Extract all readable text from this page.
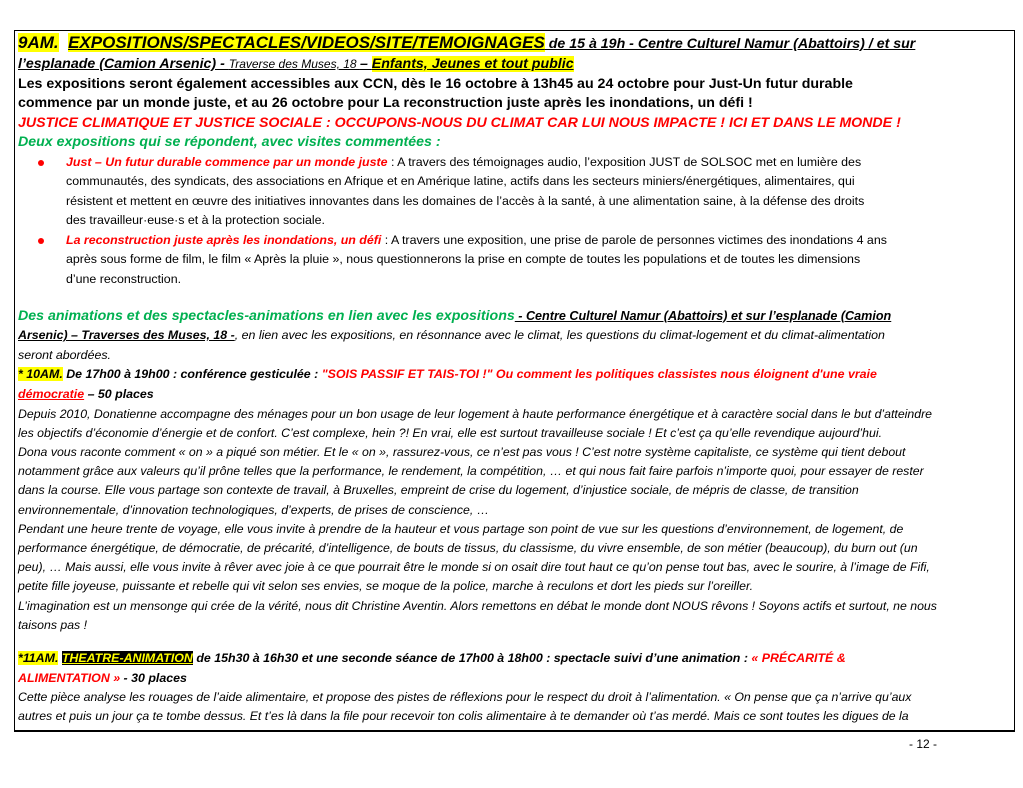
9AM. EXPOSITIONS/SPECTACLES/VIDEOS/SITE/TEMOIGNAGES de 15 à 19h - Centre Culturel Namur (Abattoirs) / et sur
l’esplanade (Camion Arsenic) - Traverse des Muses, 18 – Enfants, Jeunes et tout public
Les expositions seront également accessibles aux CCN, dès le 16 octobre à 13h45 au 24 octobre pour Just-Un futur durable
commence par un monde juste, et au 26 octobre pour La reconstruction juste après les inondations, un défi !
JUSTICE CLIMATIQUE ET JUSTICE SOCIALE : OCCUPONS-NOUS DU CLIMAT CAR LUI NOUS IMPACTE ! ICI ET DANS LE MONDE !
Deux expositions qui se répondent, avec visites commentées :
Just – Un futur durable commence par un monde juste : A travers des témoignages audio, l’exposition JUST de SOLSOC met en lumière des
communautés, des syndicats, des associations en Afrique et en Amérique latine, actifs dans les secteurs miniers/énergétiques, alimentaires, qui
résistent et mettent en œuvre des initiatives innovantes dans les domaines de l’accès à la santé, à une alimentation saine, à la défense des droits
des travailleur·euse·s et à la protection sociale.
La reconstruction juste après les inondations, un défi : A travers une exposition, une prise de parole de personnes victimes des inondations 4 ans
après sous forme de film, le film « Après la pluie », nous questionnerons la prise en compte de toutes les populations et de toutes les dimensions
d’une reconstruction.
Des animations et des spectacles-animations en lien avec les expositions - Centre Culturel Namur (Abattoirs) et sur l’esplanade (Camion
Arsenic) – Traverses des Muses, 18 -, en lien avec les expositions, en résonnance avec le climat, les questions du climat-logement et du climat-alimentation
seront abordées.
* 10AM. De 17h00 à 19h00 : conférence gesticulée : "SOIS PASSIF ET TAIS-TOI !" Ou comment les politiques classistes nous éloignent d'une vraie
démocratie – 50 places
Depuis 2010, Donatienne accompagne des ménages pour un bon usage de leur logement à haute performance énergétique et à caractère social dans le but d’atteindre
les objectifs d’économie d’énergie et de confort. C’est complexe, hein ?! En vrai, elle est surtout travailleuse sociale ! Et c’est ça qu’elle revendique aujourd’hui.
Dona vous raconte comment « on » a piqué son métier. Et le « on », rassurez-vous, ce n’est pas vous ! C’est notre système capitaliste, ce système qui tient debout
notamment grâce aux valeurs qu’il prône telles que la performance, le rendement, la compétition, … et qui nous fait faire parfois n’importe quoi, pour essayer de rester
dans la course. Elle vous partage son contexte de travail, à Bruxelles, empreint de crise du logement, d’injustice sociale, de mépris de classe, de transition
environnementale, d’innovation technologiques, d’experts, de prises de conscience, …
Pendant une heure trente de voyage, elle vous invite à prendre de la hauteur et vous partage son point de vue sur les questions d’environnement, de logement, de
performance énergétique, de démocratie, de précarité, d’intelligence, de bouts de tissus, du classisme, du vivre ensemble, de son métier (beaucoup), du burn out (un
peu), … Mais aussi, elle vous invite à rêver avec joie à ce que pourrait être le monde si on osait dire tout haut ce qu’on pense tout bas, avec le sourire, à l’image de Fifi,
petite fille joyeuse, puissante et rebelle qui vit selon ses envies, se moque de la police, marche à reculons et dort les pieds sur l’oreiller.
L’imagination est un mensonge qui crée de la vérité, nous dit Christine Aventin. Alors remettons en débat le monde dont NOUS rêvons ! Soyons actifs et surtout, ne nous
taisons pas !
*11AM. THEATRE-ANIMATION de 15h30 à 16h30 et une seconde séance de 17h00 à 18h00 : spectacle suivi d’une animation : « PRÉCARITÉ &
ALIMENTATION » - 30 places
Cette pièce analyse les rouages de l’aide alimentaire, et propose des pistes de réflexions pour le respect du droit à l’alimentation. « On pense que ça n’arrive qu’aux
autres et puis un jour ça te tombe dessus. Et t’es là dans la file pour recevoir ton colis alimentaire à te demander où t’as merdé. Mais ce sont toutes les digues de la
- 12 -
